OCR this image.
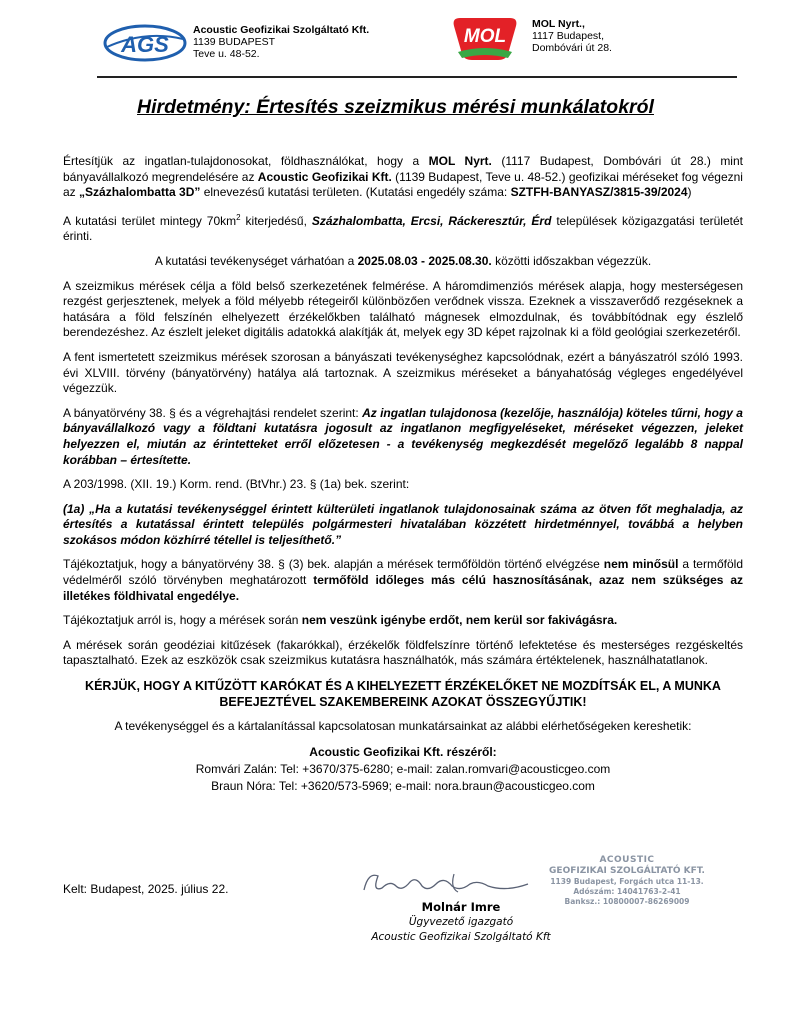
AGS
Acoustic Geofizikai Szolgáltató Kft.
1139 BUDAPEST
Teve u. 48-52.
MOL
MOL Nyrt.,
1117 Budapest,
Dombóvári út 28.
Hirdetmény: Értesítés szeizmikus mérési munkálatokról

Értesítjük az ingatlan-tulajdonosokat, földhasználókat, hogy a MOL Nyrt. (1117 Budapest, Dombóvári út 28.) mint bányavállalkozó megrendelésére az Acoustic Geofizikai Kft. (1139 Budapest, Teve u. 48-52.) geofizikai méréseket fog végezni az „Százhalombatta 3D” elnevezésű kutatási területen. (Kutatási engedély száma: SZTFH-BANYASZ/3815-39/2024)

A kutatási terület mintegy $70km^2$ kiterjedésű, Százhalombatta, Ercsi, Ráckeresztúr, Érd települések közigazgatási területét érinti.

A kutatási tevékenységet várhatóan a 2025.08.03 - 2025.08.30. közötti időszakban végezzük.

A szeizmikus mérések célja a föld belső szerkezetének felmérése. A háromdimenziós mérések alapja, hogy mesterségesen rezgést gerjesztenek, melyek a föld mélyebb rétegeiről különbözően verődnek vissza. Ezeknek a visszaverődő rezgéseknek a hatására a föld felszínén elhelyezett érzékelőkben található mágnesek elmozdulnak, és továbbítódnak egy észlelő berendezéshez. Az észlelt jeleket digitális adatokká alakítják át, melyek egy 3D képet rajzolnak ki a föld geológiai szerkezetéről.

A fent ismertetett szeizmikus mérések szorosan a bányászati tevékenységhez kapcsolódnak, ezért a bányászatról szóló 1993. évi XLVIII. törvény (bányatörvény) hatálya alá tartoznak. A szeizmikus méréseket a bányahatóság végleges engedélyével végezzük.

A bányatörvény 38. § és a végrehajtási rendelet szerint: Az ingatlan tulajdonosa (kezelője, használója) köteles tűrni, hogy a bányavállalkozó vagy a földtani kutatásra jogosult az ingatlanon megfigyeléseket, méréseket végezzen, jeleket helyezzen el, miután az érintetteket erről előzetesen - a tevékenység megkezdését megelőző legalább 8 nappal korábban – értesítette.

A 203/1998. (XII. 19.) Korm. rend. (BtVhr.) 23. § (1a) bek. szerint:

(1a) „Ha a kutatási tevékenységgel érintett külterületi ingatlanok tulajdonosainak száma az ötven főt meghaladja, az értesítés a kutatással érintett település polgármesteri hivatalában közzétett hirdetménnyel, továbbá a helyben szokásos módon közhírré tétellel is teljesíthető.”

Tájékoztatjuk, hogy a bányatörvény 38. § (3) bek. alapján a mérések termőföldön történő elvégzése nem minősül a termőföld védelméről szóló törvényben meghatározott termőföld időleges más célú hasznosításának, azaz nem szükséges az illetékes földhivatal engedélye.

Tájékoztatjuk arról is, hogy a mérések során nem veszünk igénybe erdőt, nem kerül sor fakivágásra.

A mérések során geodéziai kitűzések (fakarókkal), érzékelők földfelszínre történő lefektetése és mesterséges rezgéskeltés tapasztalható. Ezek az eszközök csak szeizmikus kutatásra használhatók, más számára értéktelenek, használhatatlanok.

KÉRJÜK, HOGY A KITŰZÖTT KARÓKAT ÉS A KIHELYEZETT ÉRZÉKELŐKET NE MOZDÍTSÁK EL, A MUNKA BEFEJEZTÉVEL SZAKEMBEREINK AZOKAT ÖSSZEGYŰJTIK!

A tevékenységgel és a kártalanítással kapcsolatosan munkatársainkat az alábbi elérhetőségeken kereshetik:

Acoustic Geofizikai Kft. részéről:
Romvári Zalán: Tel: +3670/375-6280; e-mail: zalan.romvari@acousticgeo.com
Braun Nóra: Tel: +3620/573-5969; e-mail: nora.braun@acousticgeo.com
Kelt: Budapest, 2025. július 22.
Molnár Imre
Ügyvezető igazgató
Acoustic Geofizikai Szolgáltató Kft
ACOUSTIC
GEOFIZIKAI SZOLGÁLTATÓ KFT.
1139 Budapest, Forgách utca 11-13.
Adószám: 14041763-2-41
Banksz.: 10800007-86269009
